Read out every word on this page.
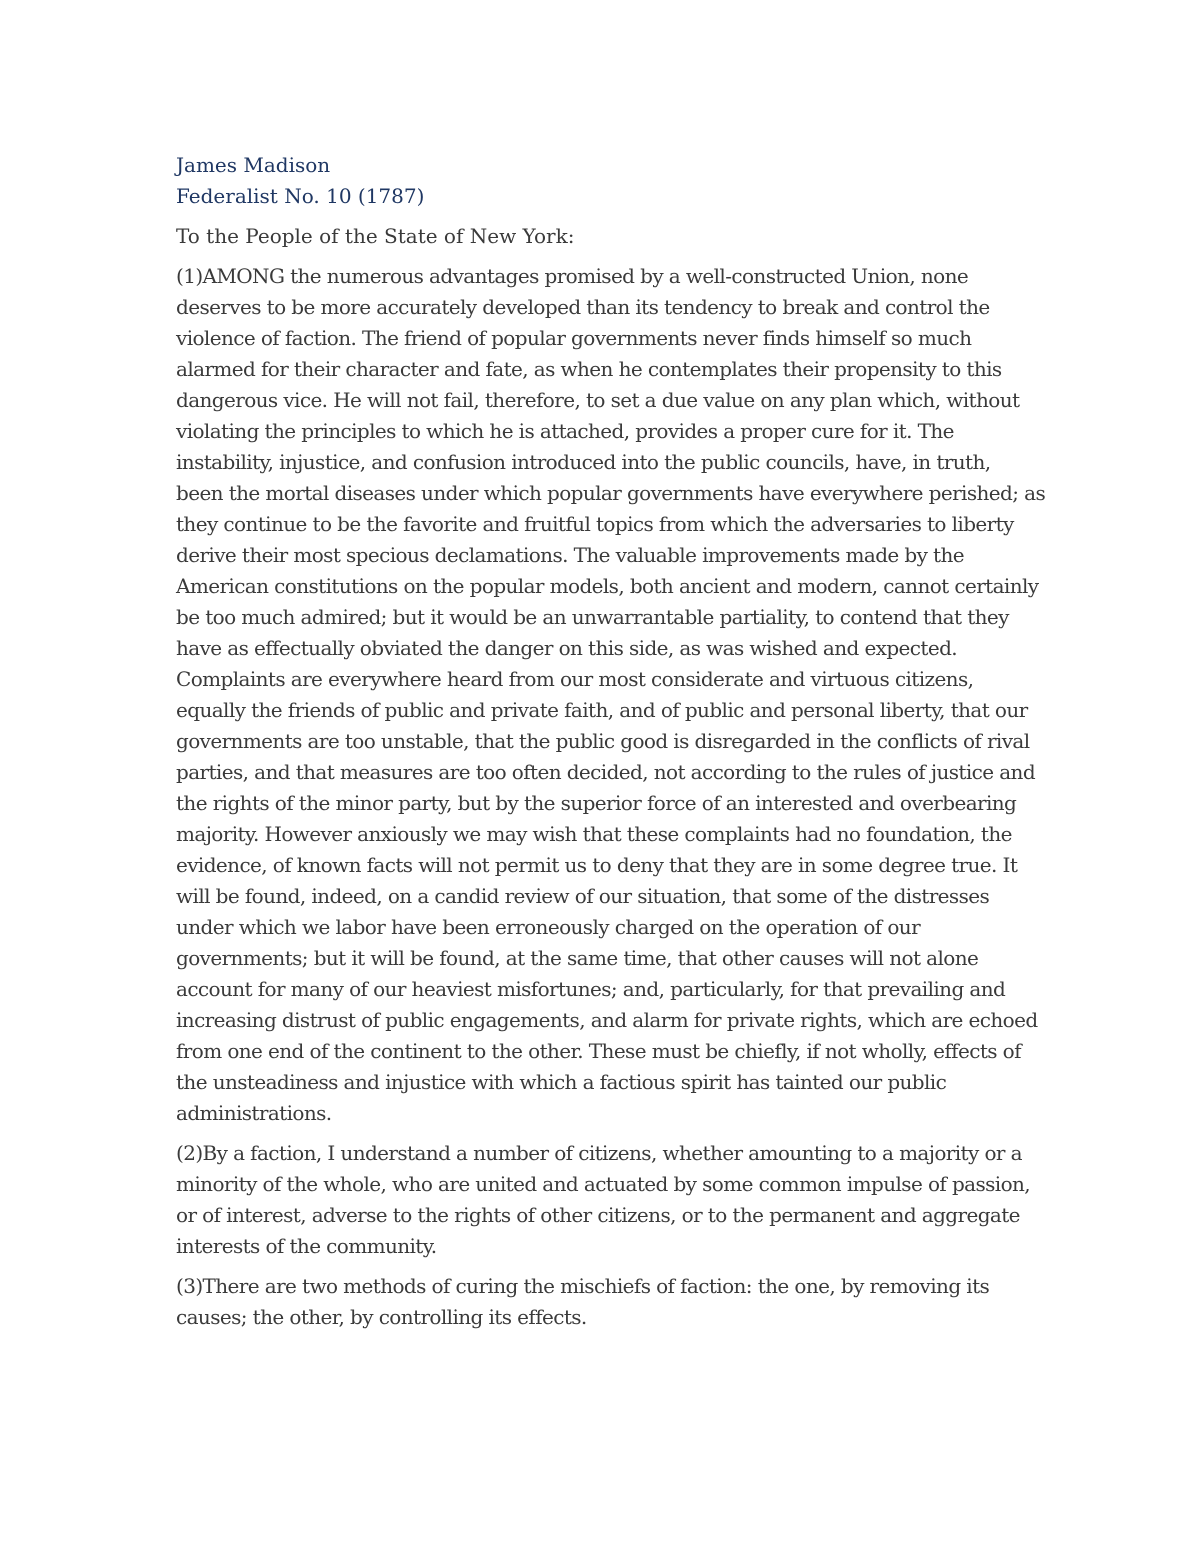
James Madison
Federalist No. 10 (1787)
To the People of the State of New York:
(1)AMONG the numerous advantages promised by a well-constructed Union, none
deserves to be more accurately developed than its tendency to break and control the
violence of faction. The friend of popular governments never finds himself so much
alarmed for their character and fate, as when he contemplates their propensity to this
dangerous vice. He will not fail, therefore, to set a due value on any plan which, without
violating the principles to which he is attached, provides a proper cure for it. The
instability, injustice, and confusion introduced into the public councils, have, in truth,
been the mortal diseases under which popular governments have everywhere perished; as
they continue to be the favorite and fruitful topics from which the adversaries to liberty
derive their most specious declamations. The valuable improvements made by the
American constitutions on the popular models, both ancient and modern, cannot certainly
be too much admired; but it would be an unwarrantable partiality, to contend that they
have as effectually obviated the danger on this side, as was wished and expected.
Complaints are everywhere heard from our most considerate and virtuous citizens,
equally the friends of public and private faith, and of public and personal liberty, that our
governments are too unstable, that the public good is disregarded in the conflicts of rival
parties, and that measures are too often decided, not according to the rules of justice and
the rights of the minor party, but by the superior force of an interested and overbearing
majority. However anxiously we may wish that these complaints had no foundation, the
evidence, of known facts will not permit us to deny that they are in some degree true. It
will be found, indeed, on a candid review of our situation, that some of the distresses
under which we labor have been erroneously charged on the operation of our
governments; but it will be found, at the same time, that other causes will not alone
account for many of our heaviest misfortunes; and, particularly, for that prevailing and
increasing distrust of public engagements, and alarm for private rights, which are echoed
from one end of the continent to the other. These must be chiefly, if not wholly, effects of
the unsteadiness and injustice with which a factious spirit has tainted our public
administrations.
(2)By a faction, I understand a number of citizens, whether amounting to a majority or a
minority of the whole, who are united and actuated by some common impulse of passion,
or of interest, adverse to the rights of other citizens, or to the permanent and aggregate
interests of the community.
(3)There are two methods of curing the mischiefs of faction: the one, by removing its
causes; the other, by controlling its effects.
